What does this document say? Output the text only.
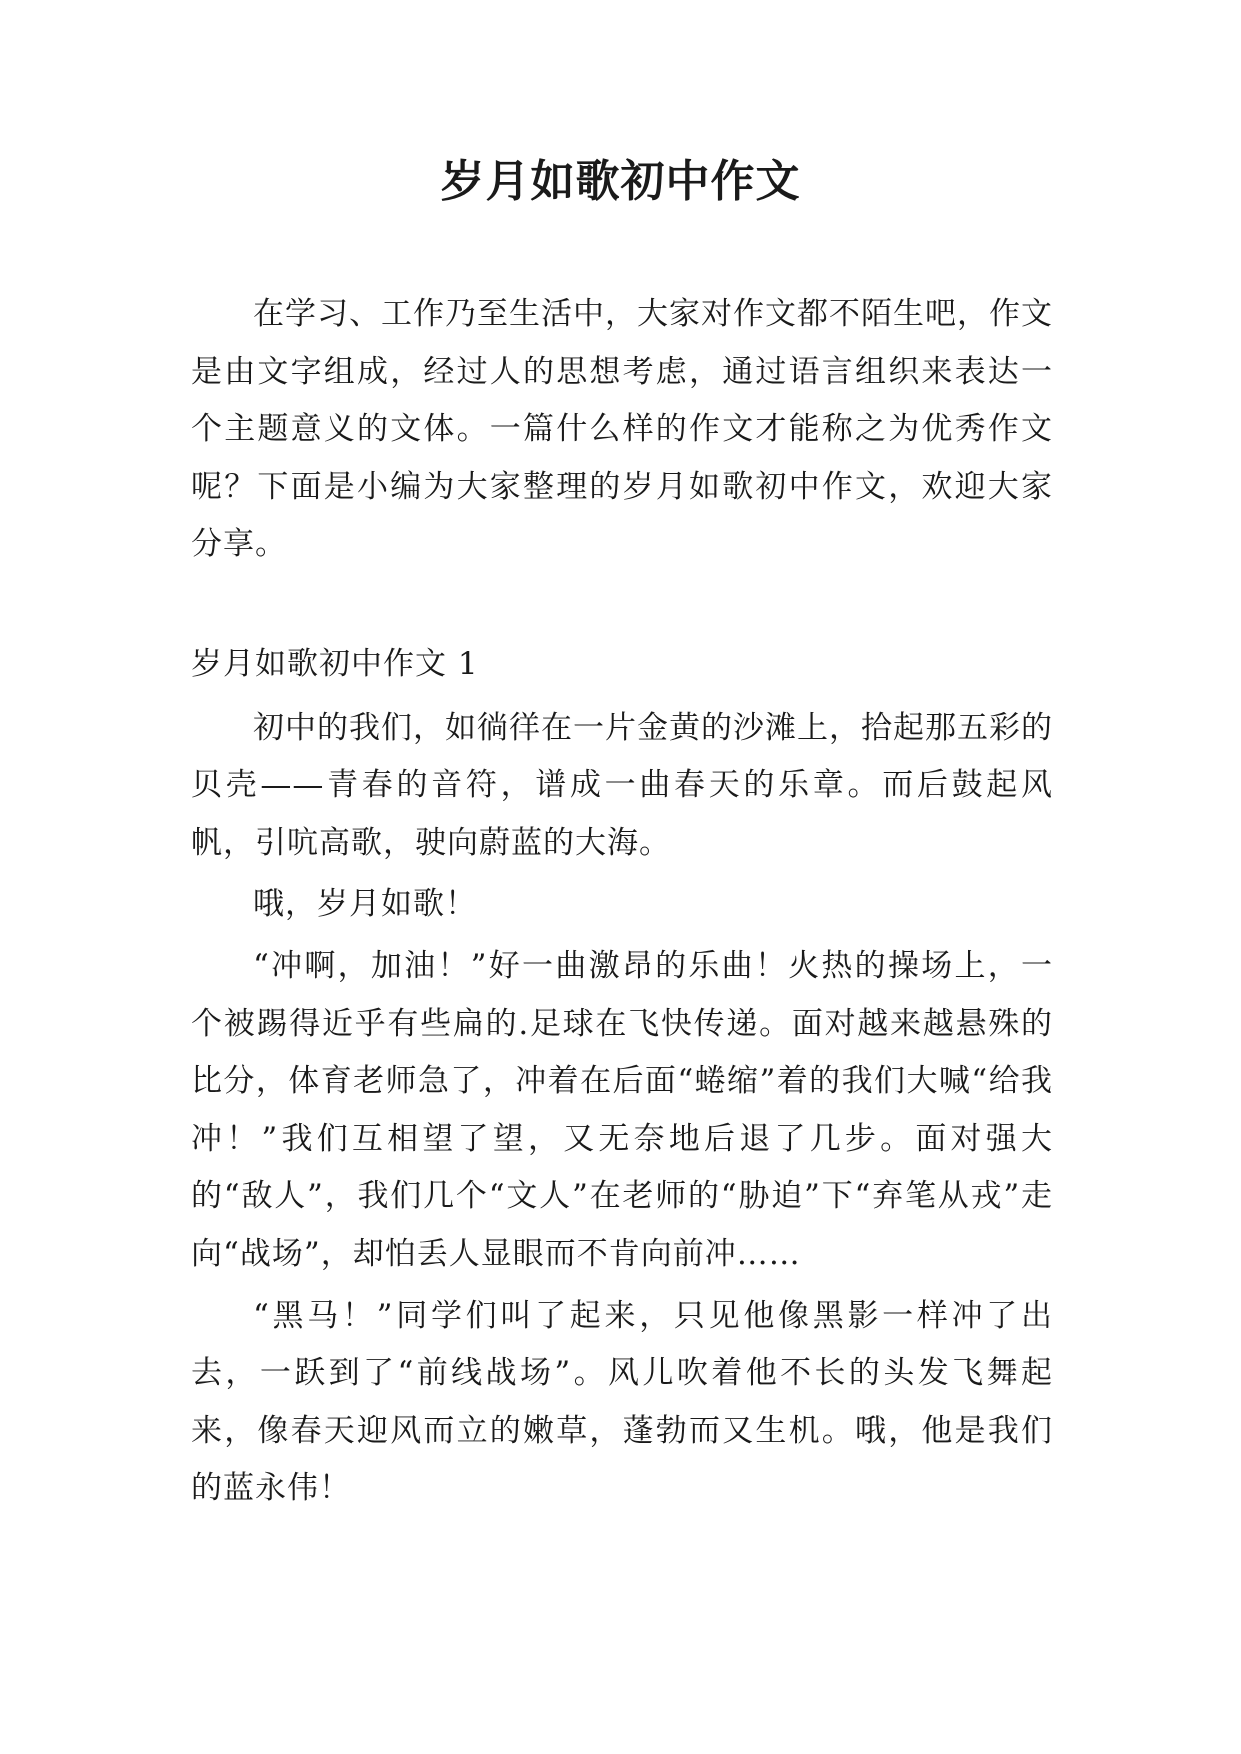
岁月如歌初中作文

在学习、工作乃至生活中，大家对作文都不陌生吧，作文是由文字组成，经过人的思想考虑，通过语言组织来表达一个主题意义的文体。一篇什么样的作文才能称之为优秀作文呢？下面是小编为大家整理的岁月如歌初中作文，欢迎大家分享。

岁月如歌初中作文 1

初中的我们，如徜徉在一片金黄的沙滩上，拾起那五彩的贝壳——青春的音符，谱成一曲春天的乐章。而后鼓起风帆，引吭高歌，驶向蔚蓝的大海。

哦，岁月如歌！

“冲啊，加油！”好一曲激昂的乐曲！火热的操场上，一个被踢得近乎有些扁的.足球在飞快传递。面对越来越悬殊的比分，体育老师急了，冲着在后面“蜷缩”着的我们大喊“给我冲！”我们互相望了望，又无奈地后退了几步。面对强大的“敌人”，我们几个“文人”在老师的“胁迫”下“弃笔从戎”走向“战场”，却怕丢人显眼而不肯向前冲……

“黑马！”同学们叫了起来，只见他像黑影一样冲了出去，一跃到了“前线战场”。风儿吹着他不长的头发飞舞起来，像春天迎风而立的嫩草，蓬勃而又生机。哦，他是我们的蓝永伟！
